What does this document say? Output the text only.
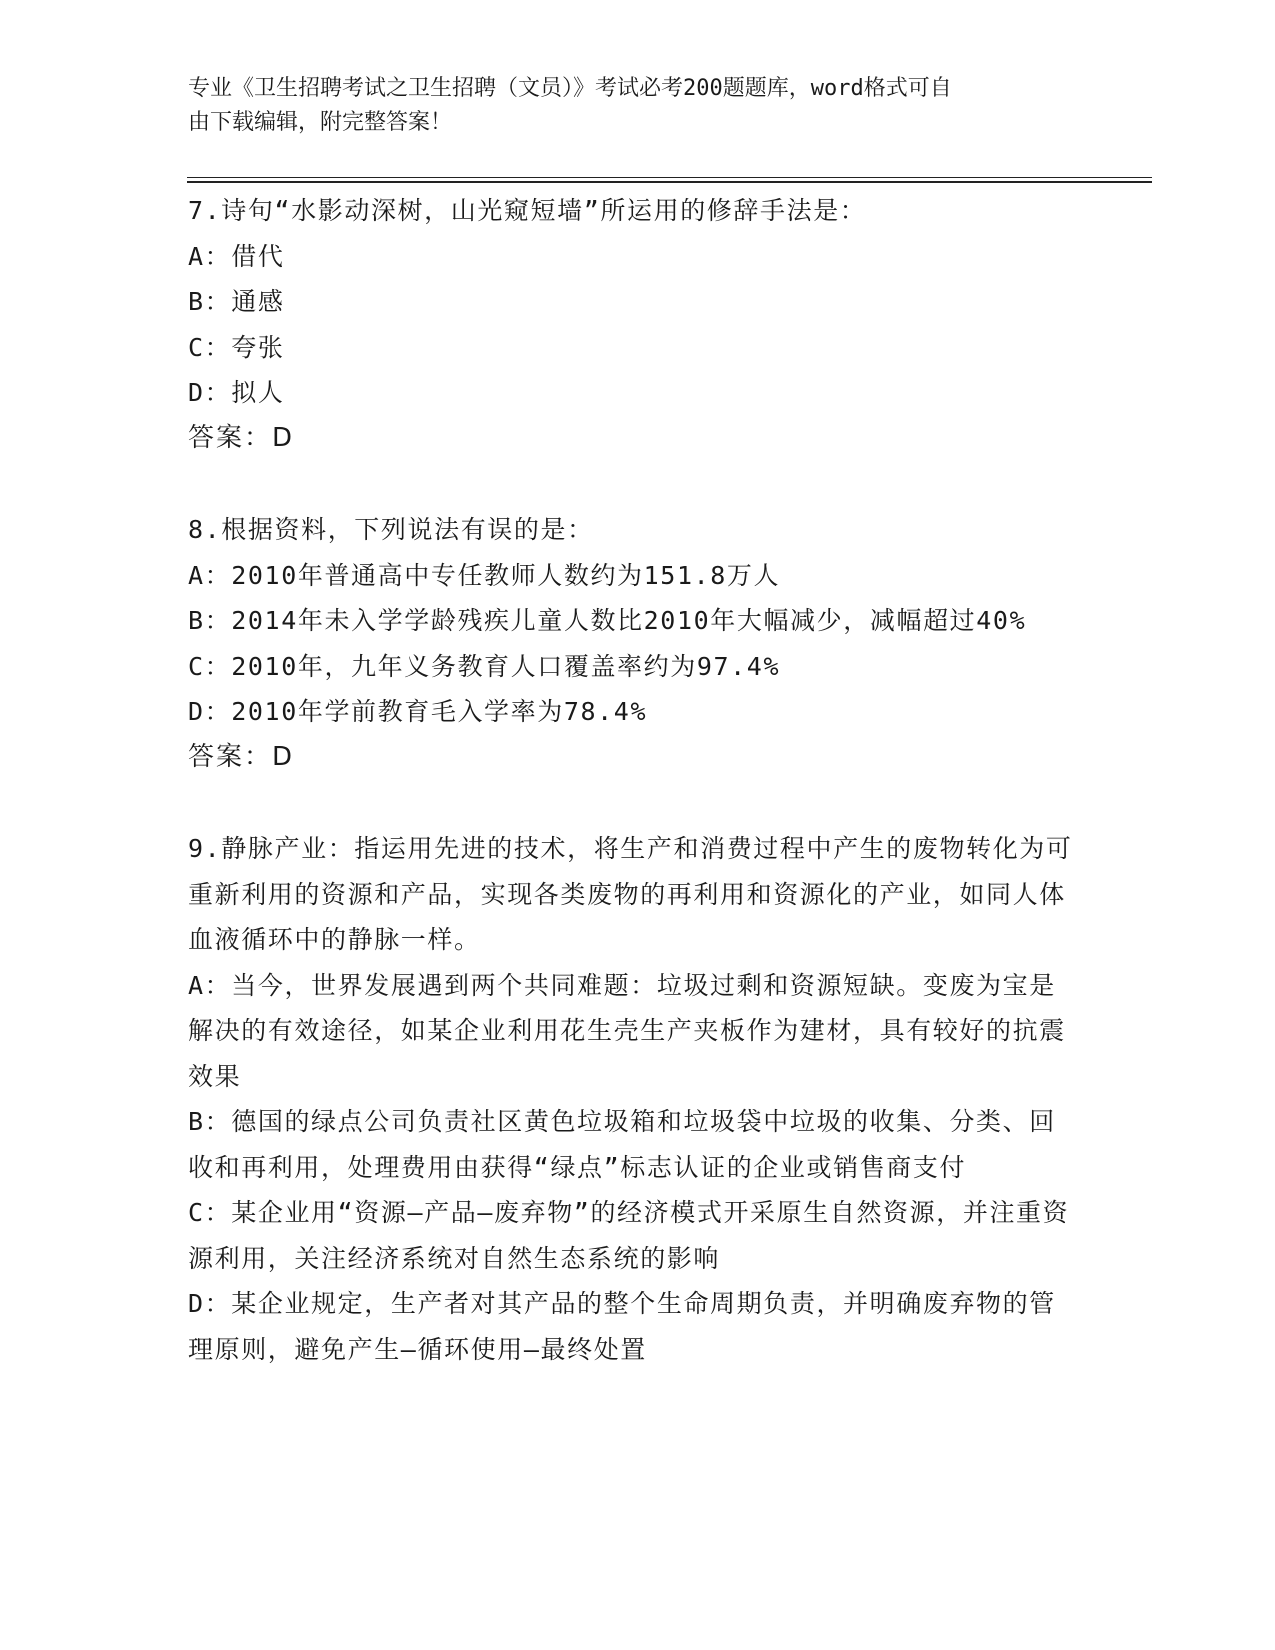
专业《卫生招聘考试之卫生招聘（文员）》考试必考200题题库，word格式可自
由下载编辑，附完整答案！
7.诗句“水影动深树，山光窥短墙”所运用的修辞手法是：
A：借代
B：通感
C：夸张
D：拟人
答案：D
8.根据资料，下列说法有误的是：
A：2010年普通高中专任教师人数约为151.8万人
B：2014年未入学学龄残疾儿童人数比2010年大幅减少，减幅超过40%
C：2010年，九年义务教育人口覆盖率约为97.4%
D：2010年学前教育毛入学率为78.4%
答案：D
9.静脉产业：指运用先进的技术，将生产和消费过程中产生的废物转化为可重新利用的资源和产品，实现各类废物的再利用和资源化的产业，如同人体血液循环中的静脉一样。
A：当今，世界发展遇到两个共同难题：垃圾过剩和资源短缺。变废为宝是解决的有效途径，如某企业利用花生壳生产夹板作为建材，具有较好的抗震效果
B：德国的绿点公司负责社区黄色垃圾箱和垃圾袋中垃圾的收集、分类、回收和再利用，处理费用由获得“绿点”标志认证的企业或销售商支付
C：某企业用“资源—产品—废弃物”的经济模式开采原生自然资源，并注重资源利用，关注经济系统对自然生态系统的影响
D：某企业规定，生产者对其产品的整个生命周期负责，并明确废弃物的管理原则，避免产生—循环使用—最终处置
